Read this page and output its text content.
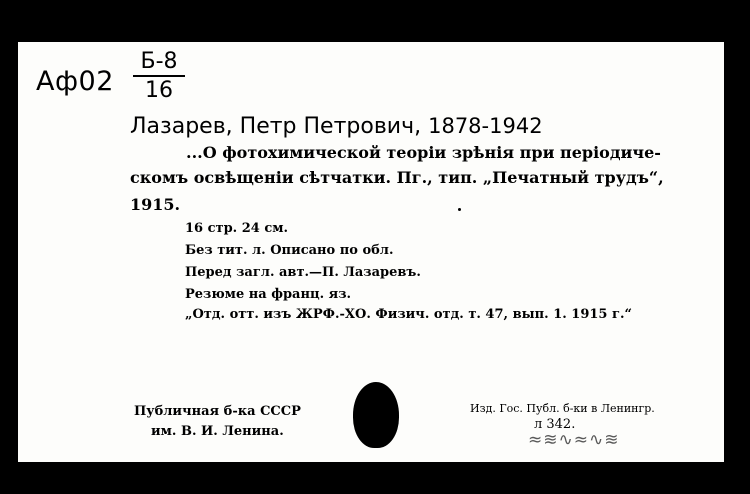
Аф02
Б-8
16
Лазарев, Петр Петрович, 1878-1942
...О фотохимической теорiи зрѣнiя при перiодиче-
скомъ освѣщенiи сѣтчатки. Пг., тип. „Печатный трудъ“,
1915.
16 стр. 24 см.
Без тит. л. Описано по обл.
Перед загл. авт.—П. Лазаревъ.
Резюме на франц. яз.
„Отд. отт. изъ ЖРФ.-ХО. Физич. отд. т. 47, вып. 1. 1915 г.“
Публичная б-ка СССР
им. В. И. Ленина.
Изд. Гос. Публ. б-ки в Ленингр.
л 342.
≈≋∿≈∿≋
